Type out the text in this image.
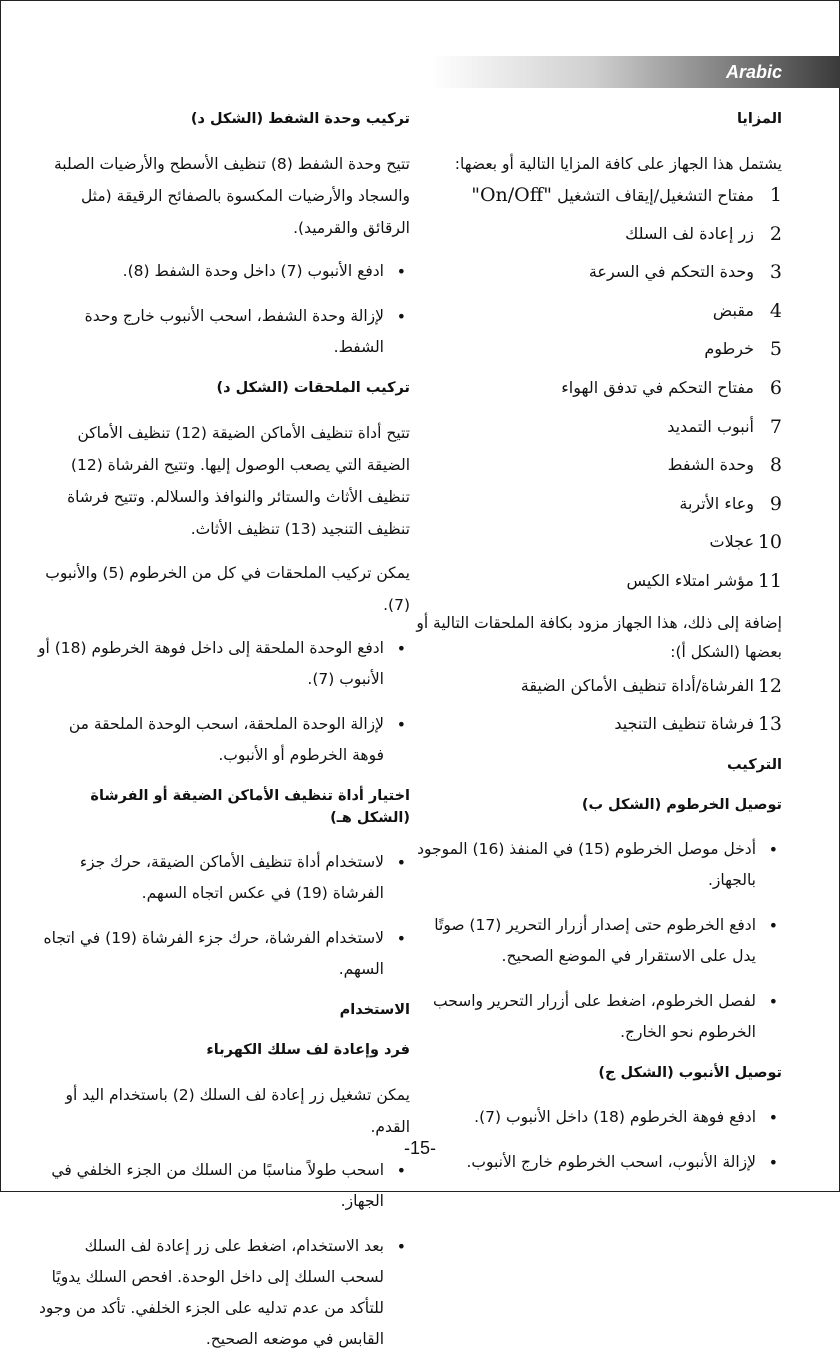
Arabic
المزايا
يشتمل هذا الجهاز على كافة المزايا التالية أو بعضها:
1
مفتاح التشغيل/إيقاف التشغيل "On/Off"
2
زر إعادة لف السلك
3
وحدة التحكم في السرعة
4
مقبض
5
خرطوم
6
مفتاح التحكم في تدفق الهواء
7
أنبوب التمديد
8
وحدة الشفط
9
وعاء الأتربة
10
عجلات
11
مؤشر امتلاء الكيس
إضافة إلى ذلك، هذا الجهاز مزود بكافة الملحقات التالية أو بعضها (الشكل أ):
12
الفرشاة/أداة تنظيف الأماكن الضيقة
13
فرشاة تنظيف التنجيد
التركيب
توصيل الخرطوم (الشكل ب)
• أدخل موصل الخرطوم (15) في المنفذ (16) الموجود بالجهاز.
• ادفع الخرطوم حتى إصدار أزرار التحرير (17) صوتًا يدل على الاستقرار في الموضع الصحيح.
• لفصل الخرطوم، اضغط على أزرار التحرير واسحب الخرطوم نحو الخارج.
توصيل الأنبوب (الشكل ج)
• ادفع فوهة الخرطوم (18) داخل الأنبوب (7).
• لإزالة الأنبوب، اسحب الخرطوم خارج الأنبوب.
تركيب وحدة الشفط (الشكل د)
تتيح وحدة الشفط (8) تنظيف الأسطح والأرضيات الصلبة والسجاد والأرضيات المكسوة بالصفائح الرقيقة (مثل الرقائق والقرميد).
• ادفع الأنبوب (7) داخل وحدة الشفط (8).
• لإزالة وحدة الشفط، اسحب الأنبوب خارج وحدة الشفط.
تركيب الملحقات (الشكل د)
تتيح أداة تنظيف الأماكن الضيقة (12) تنظيف الأماكن الضيقة التي يصعب الوصول إليها. وتتيح الفرشاة (12) تنظيف الأثاث والستائر والنوافذ والسلالم. وتتيح فرشاة تنظيف التنجيد (13) تنظيف الأثاث.
يمكن تركيب الملحقات في كل من الخرطوم (5) والأنبوب (7).
• ادفع الوحدة الملحقة إلى داخل فوهة الخرطوم (18) أو الأنبوب (7).
• لإزالة الوحدة الملحقة، اسحب الوحدة الملحقة من فوهة الخرطوم أو الأنبوب.
اختيار أداة تنظيف الأماكن الضيقة أو الفرشاة (الشكل هـ)
• لاستخدام أداة تنظيف الأماكن الضيقة، حرك جزء الفرشاة (19) في عكس اتجاه السهم.
• لاستخدام الفرشاة، حرك جزء الفرشاة (19) في اتجاه السهم.
الاستخدام
فرد وإعادة لف سلك الكهرباء
يمكن تشغيل زر إعادة لف السلك (2) باستخدام اليد أو القدم.
• اسحب طولاً مناسبًا من السلك من الجزء الخلفي في الجهاز.
• بعد الاستخدام، اضغط على زر إعادة لف السلك لسحب السلك إلى داخل الوحدة. افحص السلك يدويًا للتأكد من عدم تدليه على الجزء الخلفي. تأكد من وجود القابس في موضعه الصحيح.
-15-
